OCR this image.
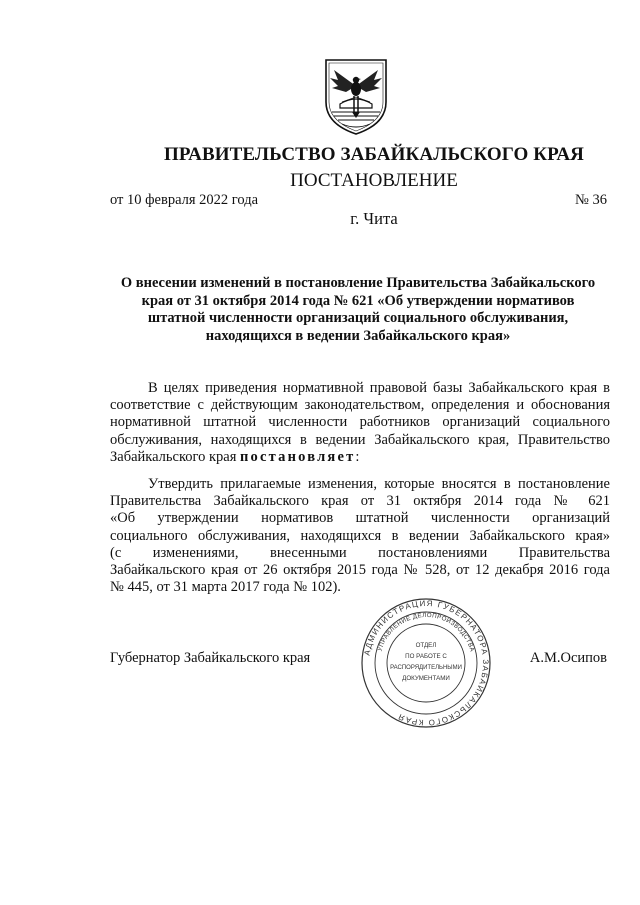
ПРАВИТЕЛЬСТВО ЗАБАЙКАЛЬСКОГО КРАЯ
ПОСТАНОВЛЕНИЕ
от 10 февраля 2022 года	№ 36
г. Чита
О внесении изменений в постановление Правительства Забайкальского
края от 31 октября 2014 года № 621 «Об утверждении нормативов
штатной численности организаций социального обслуживания,
находящихся в ведении Забайкальского края»
В целях приведения нормативной правовой базы Забайкальского края в
соответствие с действующим законодательством, определения и обоснования
нормативной штатной численности работников организаций социального
обслуживания, находящихся в ведении Забайкальского края, Правительство
Забайкальского края постановляет:
Утвердить прилагаемые изменения, которые вносятся в постановление
Правительства Забайкальского края от 31 октября 2014 года № 621
«Об утверждении нормативов штатной численности организаций
социального обслуживания, находящихся в ведении Забайкальского края»
(с изменениями, внесенными постановлениями Правительства
Забайкальского края от 26 октября 2015 года № 528, от 12 декабря 2016 года
№ 445, от 31 марта 2017 года № 102).
Губернатор Забайкальского края	А.М.Осипов
АДМИНИСТРАЦИЯ ГУБЕРНАТОРА ЗАБАЙКАЛЬСКОГО КРАЯ
УПРАВЛЕНИЕ ДЕЛОПРОИЗВОДСТВА
ОТДЕЛ
ПО РАБОТЕ С
РАСПОРЯДИТЕЛЬНЫМИ
ДОКУМЕНТАМИ
